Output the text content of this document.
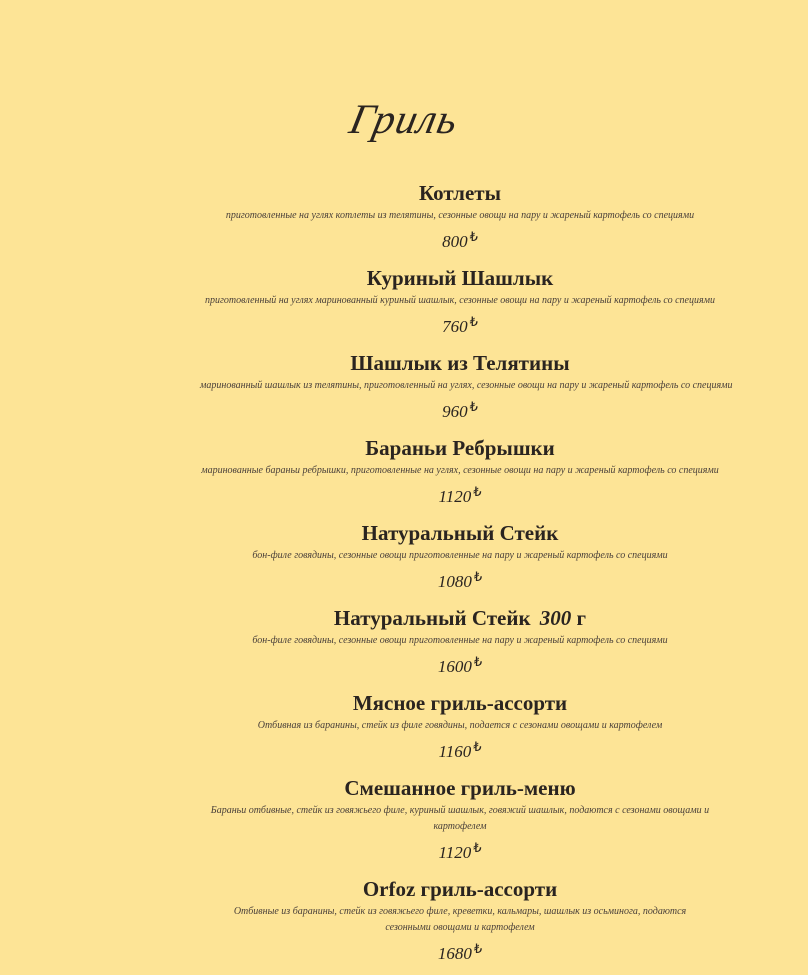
Гриль
Котлеты
приготовленные на углях котлеты из телятины, сезонные овощи на пару и жареный картофель со специями
800 ₺
Куриный Шашлык
приготовленный на углях маринованный куриный шашлык, сезонные овощи на пару и жареный картофель со специями
760 ₺
Шашлык из Телятины
маринованный шашлык из телятины, приготовленный на углях, сезонные овощи на пару и жареный картофель со специями
960 ₺
Бараньи Ребрышки
маринованные бараньи ребрышки, приготовленные на углях, сезонные овощи на пару и жареный картофель со специями
1120 ₺
Натуральный Стейк
бон-филе говядины, сезонные овощи приготовленные на пару и жареный картофель со специями
1080 ₺
Натуральный Стейк 300 г
бон-филе говядины, сезонные овощи приготовленные на пару и жареный картофель со специями
1600 ₺
Мясное гриль-ассорти
Отбивная из баранины, стейк из филе говядины, подается с сезонами овощами и картофелем
1160 ₺
Смешанное гриль-меню
Бараньи отбивные, стейк из говяжьего филе, куриный шашлык, говяжий шашлык, подаются с сезонами овощами и картофелем
1120 ₺
Orfoz гриль-ассорти
Отбивные из баранины, стейк из говяжьего филе, креветки, кальмары, шашлык из осьминога, подаются сезонными овощами и картофелем
1680 ₺
